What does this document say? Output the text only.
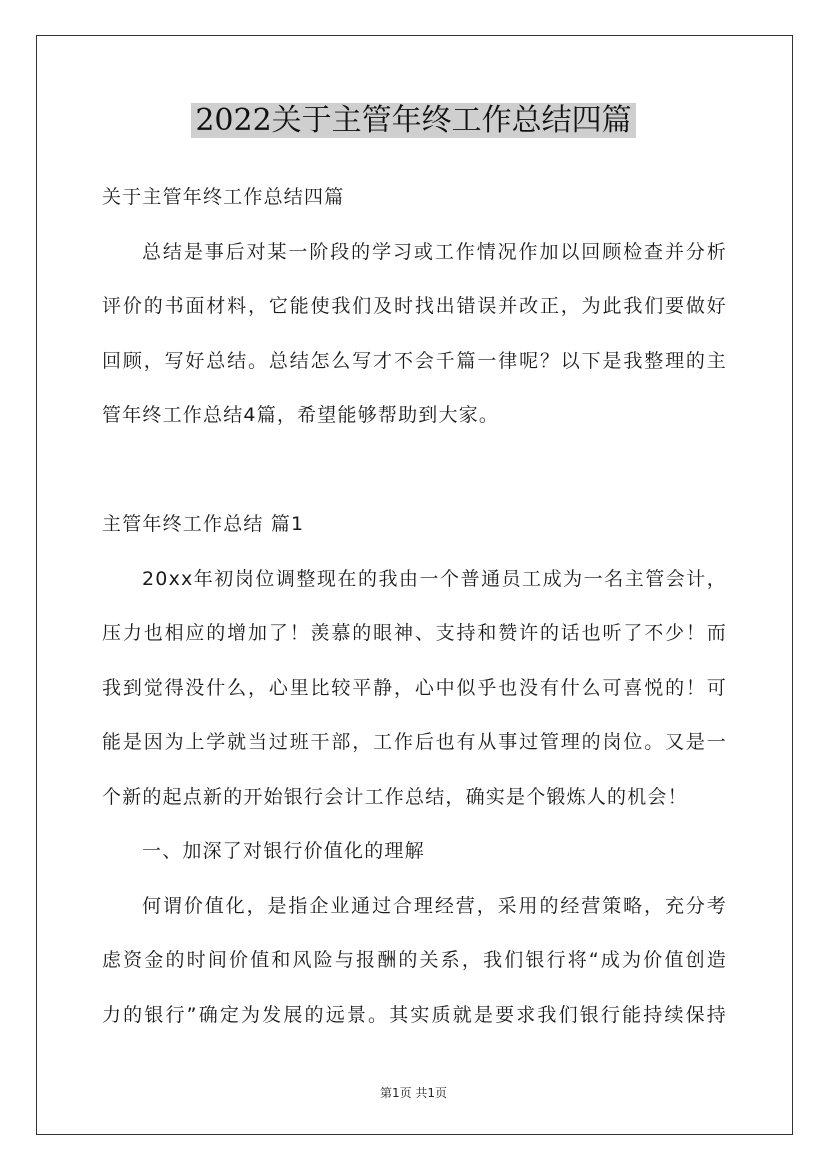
2022关于主管年终工作总结四篇
关于主管年终工作总结四篇
总结是事后对某一阶段的学习或工作情况作加以回顾检查并分析
评价的书面材料，它能使我们及时找出错误并改正，为此我们要做好
回顾，写好总结。总结怎么写才不会千篇一律呢？以下是我整理的主
管年终工作总结4篇，希望能够帮助到大家。
主管年终工作总结 篇1
20xx年初岗位调整现在的我由一个普通员工成为一名主管会计，
压力也相应的增加了！羡慕的眼神、支持和赞许的话也听了不少！而
我到觉得没什么，心里比较平静，心中似乎也没有什么可喜悦的！可
能是因为上学就当过班干部，工作后也有从事过管理的岗位。又是一
个新的起点新的开始银行会计工作总结，确实是个锻炼人的机会！
一、加深了对银行价值化的理解
何谓价值化，是指企业通过合理经营，采用的经营策略，充分考
虑资金的时间价值和风险与报酬的关系，我们银行将“成为价值创造
力的银行”确定为发展的远景。其实质就是要求我们银行能持续保持
第1页 共1页
